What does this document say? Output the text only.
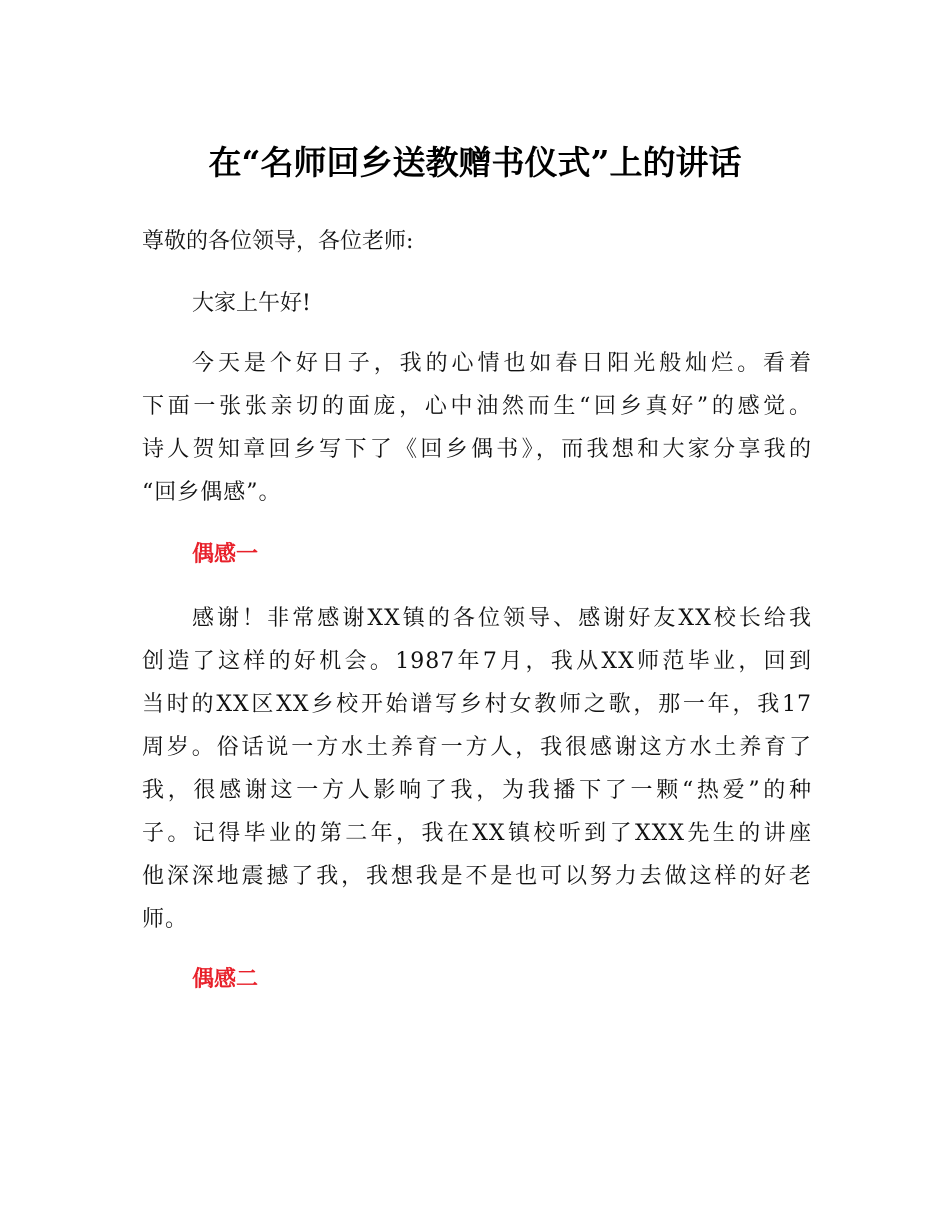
在“名师回乡送教赠书仪式”上的讲话

尊敬的各位领导，各位老师:

大家上午好!

今天是个好日子，我的心情也如春日阳光般灿烂。看着
下面一张张亲切的面庞，心中油然而生“回乡真好”的感觉。
诗人贺知章回乡写下了《回乡偶书》，而我想和大家分享我的
“回乡偶感”。

偶感一

感谢！非常感谢XX镇的各位领导、感谢好友XX校长给我
创造了这样的好机会。1987年7月，我从XX师范毕业，回到
当时的XX区XX乡校开始谱写乡村女教师之歌，那一年，我17
周岁。俗话说一方水土养育一方人，我很感谢这方水土养育了
我，很感谢这一方人影响了我，为我播下了一颗“热爱”的种
子。记得毕业的第二年，我在XX镇校听到了XXX先生的讲座
他深深地震撼了我，我想我是不是也可以努力去做这样的好老
师。

偶感二
